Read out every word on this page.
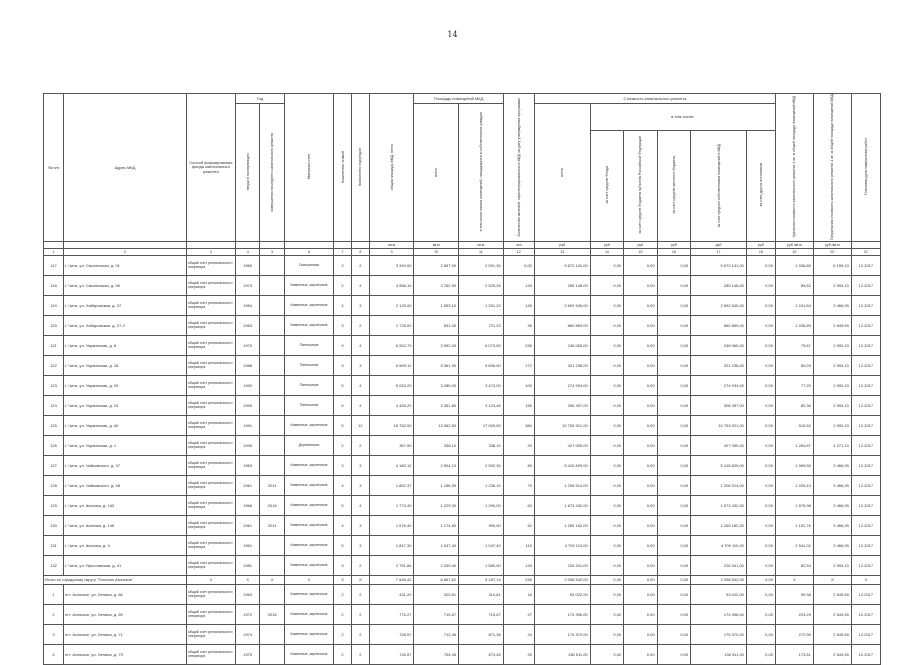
14
№ п/п	Адрес МКД	Способ формирования фонда капитального ремонта	Год		Материал стен	Количество этажей	Количество подъездов	общая площадь МКД, всего	Площадь помещений МКД		Количество жителей, зарегистрированных в МКД на дату утверждения программы	Стоимость капитального ремонта						Удельная стоимость капитального ремонта 1 кв. м общей площади помещений МКД	Предельная стоимость капитального ремонта 1 кв. м общей площади помещений МКД	Плановая дата завершения работ
			ввода в эксплуатацию	завершения последнего капитального ремонта					всего	в том числе жилых помещений, находящихся в собственности граждан		всего	в том числе:							
													за счет средств Фонда	за счет средств бюджета субъекта Российской Федерации	за счет средств местного бюджета	за счет средств собственников помещений в МКД	за счет других источников			
								кв.м	кв.м	кв.м	чел	руб	руб	руб	руб	руб	руб	руб./кв.м	руб./кв.м	
1	2	3	4	5	6	7	8	9	10	11	12	13	14	15	16	17	18	19	20	21
117	г. Чита, ул. Смоленская, д. 91	общий счет регионального оператора	1960		Смешанные	2	2	3 349,00	2 857,00	2 591,30	0,00	5 672 141,00	0,00	0,00	0,00	5 672 141,00	0,00	1 936,85	6 159,10	12.2017
118	г. Чита, ул. Смоленская, д. 96	общий счет регионального оператора	1973		Каменные, кирпичные	2	4	4 986,10	3 762,90	2 525,26	143	285 148,00	0,00	0,00	0,00	285 148,00	0,00	85,62	2 590,10	12.2017
119	г. Чита, ул. Хабаровская, д. 37	общий счет регионального оператора	1954		Каменные, кирпичные	4	3	2 125,00	1 553,10	1 251,20	126	2 692 545,00	0,00	0,00	0,00	2 692 545,00	0,00	1 241,64	3 466,95	12.2017
120	г. Чита, ул. Хабаровская, д. 27-3	общий счет регионального оператора	1963		Каменные, кирпичные	3	2	1 728,00	831,00	721,20	35	860 859,00	0,00	0,00	0,00	860 859,00	0,00	1 036,89	2 549,65	12.2017
121	г. Чита, ул. Украинская, д. 8	общий счет регионального оператора	1970		Панельные	9	4	6 262,70	3 092,00	6 073,50	235	246 065,00	0,00	0,00	0,00	246 065,00	0,00	75,67	2 590,10	12.2017
122	г. Чита, ул. Украинская, д. 18	общий счет регионального оператора	1988		Панельные	9	3	6 569,12	5 361,90	5 696,00	172	321 238,00	0,00	0,00	0,00	321 238,00	0,00	60,03	2 590,10	12.2017
123	г. Чита, ул. Украинская, д. 29	общий счет регионального оператора	1992		Панельные	5	4	5 053,20	3 285,00	3 473,00	109	274 934,00	0,00	0,00	0,00	274 934,00	0,00	77,20	2 590,10	12.2017
124	г. Чита, ул. Украинская, д. 24	общий счет регионального оператора	1990		Панельные	5	4	4 465,20	3 361,80	3 124,46	156	306 457,00	0,00	0,00	0,00	306 457,00	0,00	80,36	2 590,10	12.2017
125	г. Чита, ул. Украинская, д. 40	общий счет регионального оператора	1991		Каменные, кирпичные	5	12	18 782,00	13 362,50	17 005,50	384	10 753 921,00	0,00	0,00	0,00	10 753 921,00	0,00	915,52	2 590,10	12.2017
126	г. Чита, ул. Украинская, д. 1	общий счет регионального оператора	1939		Деревянные	2	2	367,90	338,10	338,10	20	427 055,00	0,00	0,00	0,00	427 055,00	0,00	1 264,87	4 271,10	12.2017
127	г. Чита, ул. Чайковского, д. 37	общий счет регионального оператора	1963		Каменные, кирпичные	3	3	4 180,12	2 904,10	2 592,30	89	5 415 829,00	0,00	0,00	0,00	5 415 829,00	0,00	1 969,55	3 466,95	12.2017
128	г. Чита, ул. Чайковского, д. 48	общий счет регионального оператора	1961	2011	Каменные, кирпичные	4	3	1 852,37	1 186,39	1 236,10	79	1 206 514,00	0,00	0,00	0,00	1 206 514,00	0,00	1 025,43	3 466,95	12.2017
129	г. Чита, ул. Шилова, д. 143	общий счет регионального оператора	1966	2016	Каменные, кирпичные	5	4	1 773,40	1 229,30	1 290,00	63	1 673 432,00	0,00	0,00	0,00	1 673 432,00	0,00	1 575,98	3 466,95	12.2017
130	г. Чита, ул. Шилова, д. 145	общий счет регионального оператора	1961	2011	Каменные, кирпичные	4	3	1 576,40	1 174,80	990,00	52	1 265 162,00	0,00	0,00	0,00	1 265 162,00	0,00	1 152,76	3 466,95	12.2017
131	г. Чита, ул. Шилова, д. 4	общий счет регионального оператора	1961		Каменные, кирпичные	5	3	1 847,30	1 047,40	1 047,40	115	4 709 110,00	0,00	0,00	0,00	4 709 110,00	0,00	2 541,02	3 466,95	12.2017
132	г. Чита, ул. Ярославская, д. 41	общий счет регионального оператора	1981		Каменные, кирпичные	9	2	2 751,86	2 209,40	1 580,00	143	226 341,00	0,00	0,00	0,00	226 341,00	0,00	82,54	2 590,10	12.2017
Итого по городскому округу "Поселок Агинское"		X	X	X	X	X	X	7 646,42	6 667,62	5 187,14	245	2 098 542,00	0,00	0,00	0,00	2 098 542,00	0,00	X	X	X
1	пгт. Агинское, ул. Ленина, д. 66	общий счет регионального оператора	1963		Каменные, кирпичные	2	2	431,20	320,61	310,61	18	53 022,00	0,00	0,00	0,00	53 022,00	0,00	99,38	2 549,65	12.2017
2	пгт. Агинское, ул. Ленина, д. 69	общий счет регионального оператора	1972	2016	Каменные, кирпичные	2	2	776,27	715,67	715,67	27	174 396,00	0,00	0,00	0,00	174 396,00	0,00	224,29	2 549,65	12.2017
3	пгт. Агинское, ул. Ленина, д. 71	общий счет регионального оператора	1974		Каменные, кирпичные	2	2	728,57	712,46	671,36	24	175 370,00	0,00	0,00	0,00	175 370,00	0,00	272,96	2 549,65	12.2017
4	пгт. Агинское, ул. Ленина, д. 73	общий счет регионального оператора	1975		Каменные, кирпичные	2	2	726,57	704,45	673,45	25	136 511,00	0,00	0,00	0,00	136 511,00	0,00	173,51	2 549,65	12.2017
